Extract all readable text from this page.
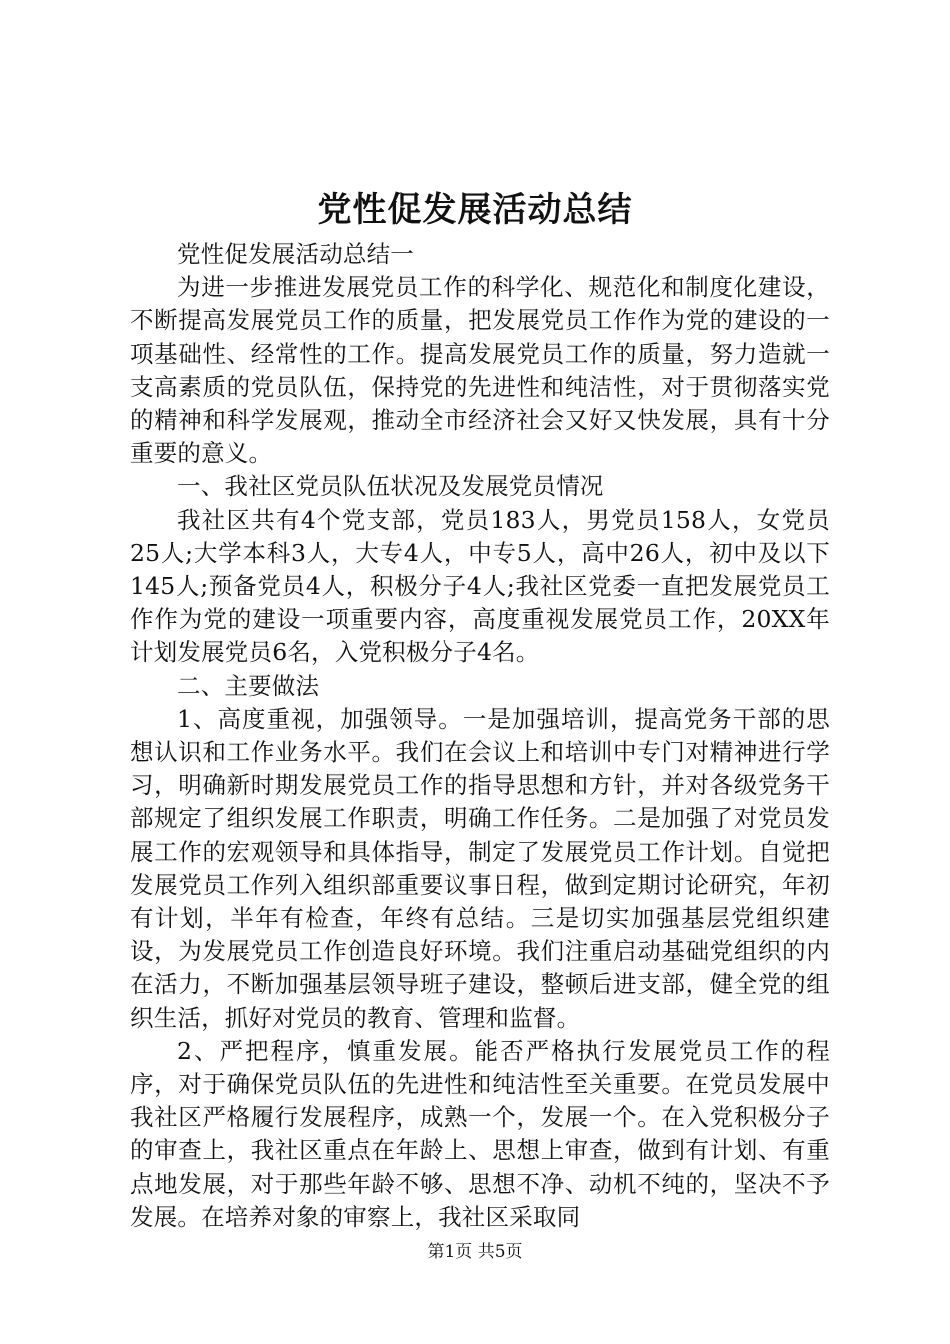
党性促发展活动总结

党性促发展活动总结一

为进一步推进发展党员工作的科学化、规范化和制度化建设，不断提高发展党员工作的质量，把发展党员工作作为党的建设的一项基础性、经常性的工作。提高发展党员工作的质量，努力造就一支高素质的党员队伍，保持党的先进性和纯洁性，对于贯彻落实党的精神和科学发展观，推动全市经济社会又好又快发展，具有十分重要的意义。

一、我社区党员队伍状况及发展党员情况

我社区共有4个党支部，党员183人，男党员158人，女党员25人;大学本科3人，大专4人，中专5人，高中26人，初中及以下145人;预备党员4人，积极分子4人;我社区党委一直把发展党员工作作为党的建设一项重要内容，高度重视发展党员工作，20XX年计划发展党员6名，入党积极分子4名。

二、主要做法

1、高度重视，加强领导。一是加强培训，提高党务干部的思想认识和工作业务水平。我们在会议上和培训中专门对精神进行学习，明确新时期发展党员工作的指导思想和方针，并对各级党务干部规定了组织发展工作职责，明确工作任务。二是加强了对党员发展工作的宏观领导和具体指导，制定了发展党员工作计划。自觉把发展党员工作列入组织部重要议事日程，做到定期讨论研究，年初有计划，半年有检查，年终有总结。三是切实加强基层党组织建设，为发展党员工作创造良好环境。我们注重启动基础党组织的内在活力，不断加强基层领导班子建设，整顿后进支部，健全党的组织生活，抓好对党员的教育、管理和监督。

2、严把程序，慎重发展。能否严格执行发展党员工作的程序，对于确保党员队伍的先进性和纯洁性至关重要。在党员发展中我社区严格履行发展程序，成熟一个，发展一个。在入党积极分子的审查上，我社区重点在年龄上、思想上审查，做到有计划、有重点地发展，对于那些年龄不够、思想不净、动机不纯的，坚决不予发展。在培养对象的审察上，我社区采取同

第1页 共5页
